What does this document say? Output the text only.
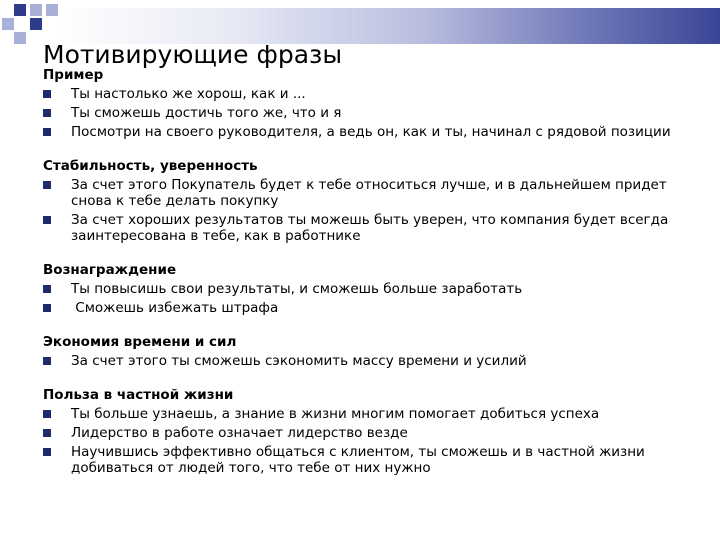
Мотивирующие фразы
Пример
Ты настолько же хорош, как и ...
Ты сможешь достичь того же, что и я
Посмотри на своего руководителя, а ведь он, как и ты, начинал с рядовой позиции
Стабильность, уверенность
За счет этого Покупатель будет к тебе относиться лучше, и в дальнейшем придет снова к тебе делать покупку
За счет хороших результатов ты можешь быть уверен, что компания будет всегда заинтересована в тебе, как в работнике
Вознаграждение
Ты повысишь свои результаты, и сможешь больше заработать
Сможешь избежать штрафа
Экономия времени и сил
За счет этого ты сможешь сэкономить массу времени и усилий
Польза в частной жизни
Ты больше узнаешь, а знание в жизни многим помогает добиться успеха
Лидерство в работе означает лидерство везде
Научившись эффективно общаться с клиентом, ты сможешь и в частной жизни добиваться от людей того, что тебе от них нужно
